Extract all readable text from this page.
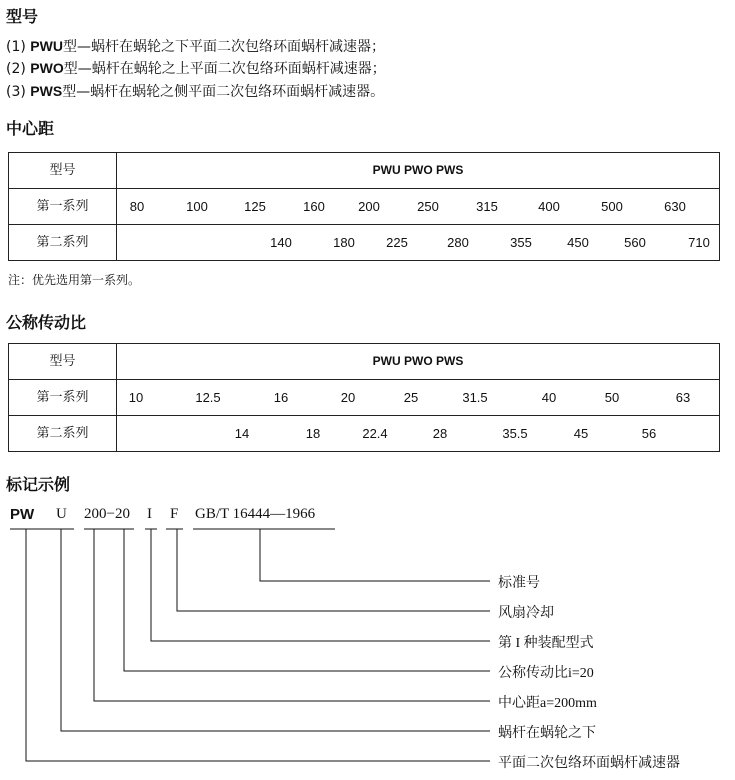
型号
(1) PWU型—蜗杆在蜗轮之下平面二次包络环面蜗杆减速器；
(2) PWO型—蜗杆在蜗轮之上平面二次包络环面蜗杆减速器；
(3) PWS型—蜗杆在蜗轮之侧平面二次包络环面蜗杆减速器。
中心距
型号	PWU PWO PWS
第一系列	80	100	125	160	200	250	315	400	500	630
第二系列	140	180 225	280	355	450	560	710
注：优先选用第一系列。
公称传动比
型号	PWU PWO PWS
第一系列	10	12.5	16	20	25	31.5	40	50	63
第二系列	14	18	22.4	28	35.5	45	56
标记示例
PW U 200−20 I F GB/T 16444—1966
标准号
风扇冷却
第 I 种装配型式
公称传动比i=20
中心距a=200mm
蜗杆在蜗轮之下
平面二次包络环面蜗杆减速器
